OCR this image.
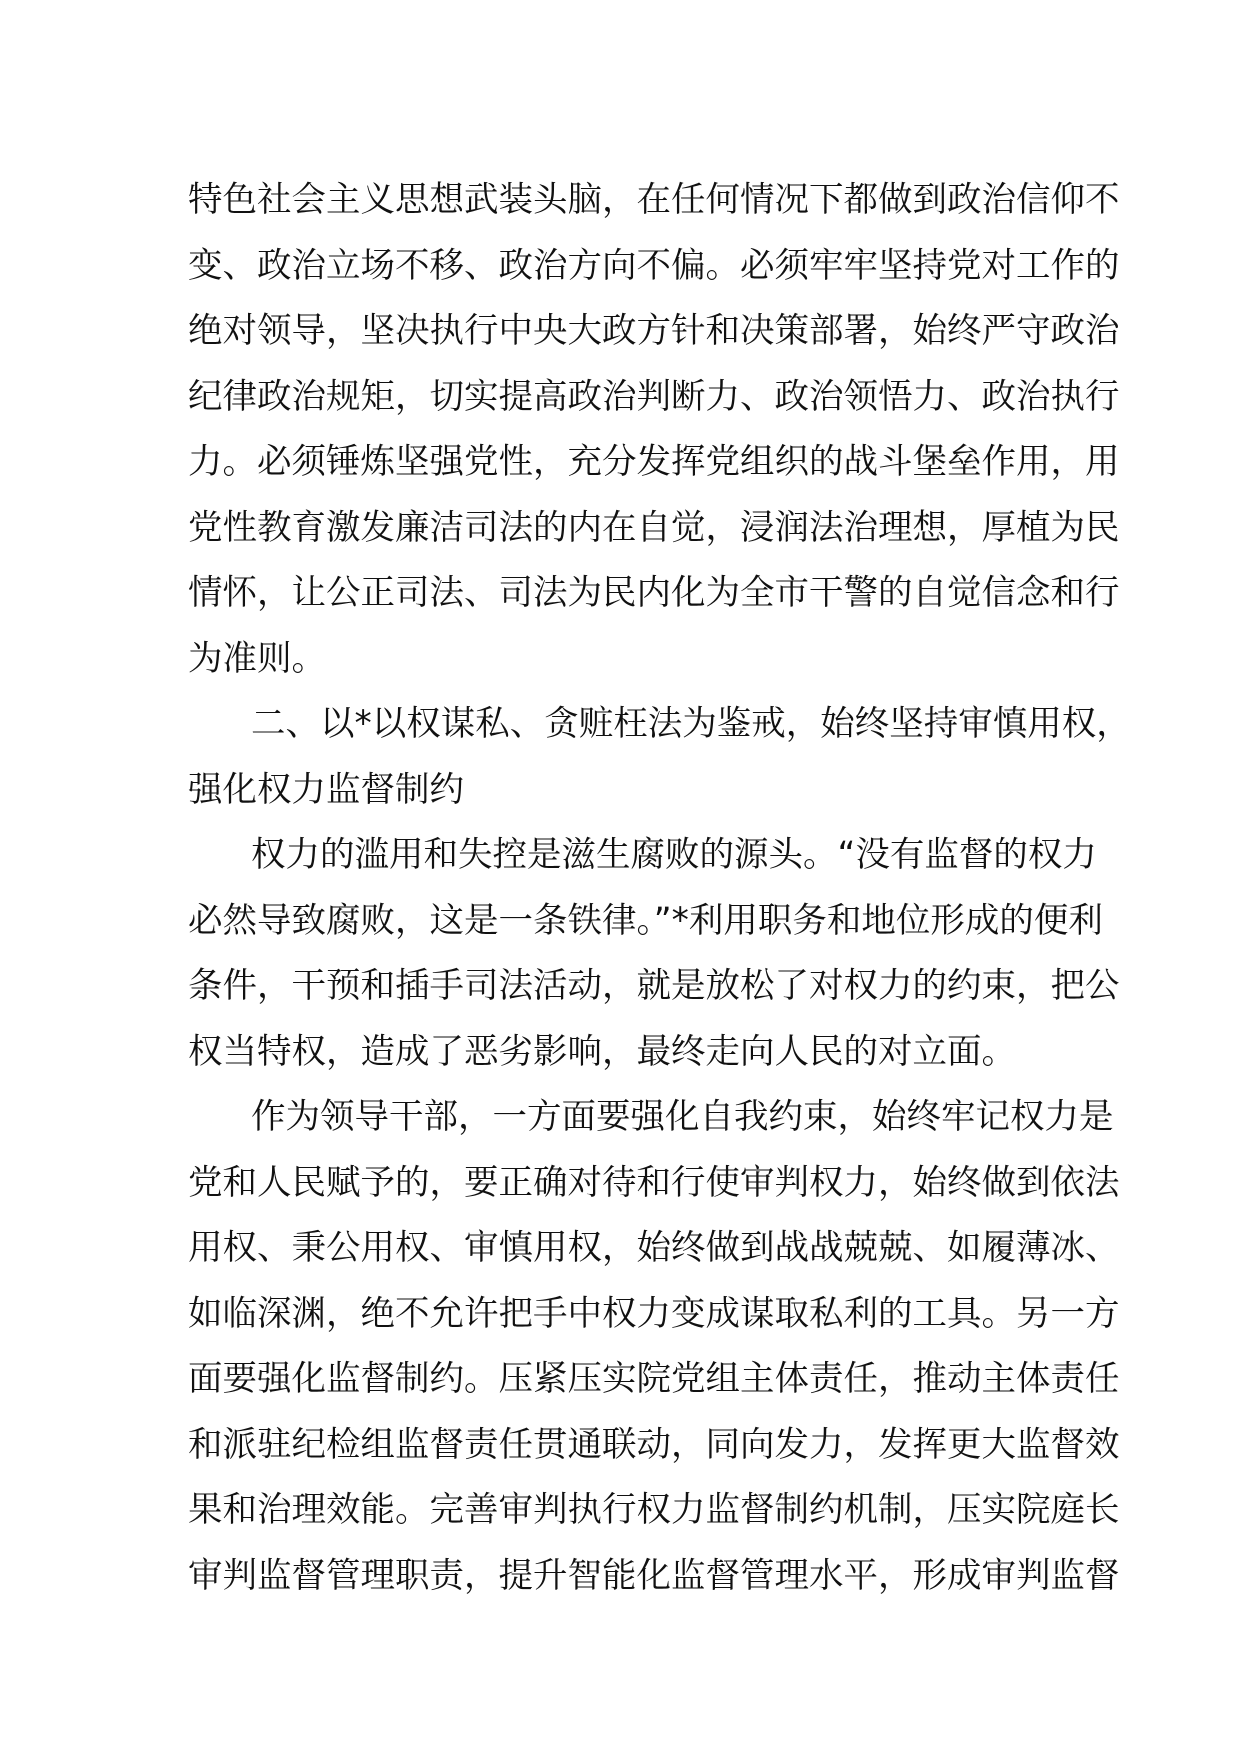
特色社会主义思想武装头脑，在任何情况下都做到政治信仰不
变、政治立场不移、政治方向不偏。必须牢牢坚持党对工作的
绝对领导，坚决执行中央大政方针和决策部署，始终严守政治
纪律政治规矩，切实提高政治判断力、政治领悟力、政治执行
力。必须锤炼坚强党性，充分发挥党组织的战斗堡垒作用，用
党性教育激发廉洁司法的内在自觉，浸润法治理想，厚植为民
情怀，让公正司法、司法为民内化为全市干警的自觉信念和行
为准则。
二、以*以权谋私、贪赃枉法为鉴戒，始终坚持审慎用权，
强化权力监督制约
权力的滥用和失控是滋生腐败的源头。“没有监督的权力
必然导致腐败，这是一条铁律。”*利用职务和地位形成的便利
条件，干预和插手司法活动，就是放松了对权力的约束，把公
权当特权，造成了恶劣影响，最终走向人民的对立面。
作为领导干部，一方面要强化自我约束，始终牢记权力是
党和人民赋予的，要正确对待和行使审判权力，始终做到依法
用权、秉公用权、审慎用权，始终做到战战兢兢、如履薄冰、
如临深渊，绝不允许把手中权力变成谋取私利的工具。另一方
面要强化监督制约。压紧压实院党组主体责任，推动主体责任
和派驻纪检组监督责任贯通联动，同向发力，发挥更大监督效
果和治理效能。完善审判执行权力监督制约机制，压实院庭长
审判监督管理职责，提升智能化监督管理水平，形成审判监督
